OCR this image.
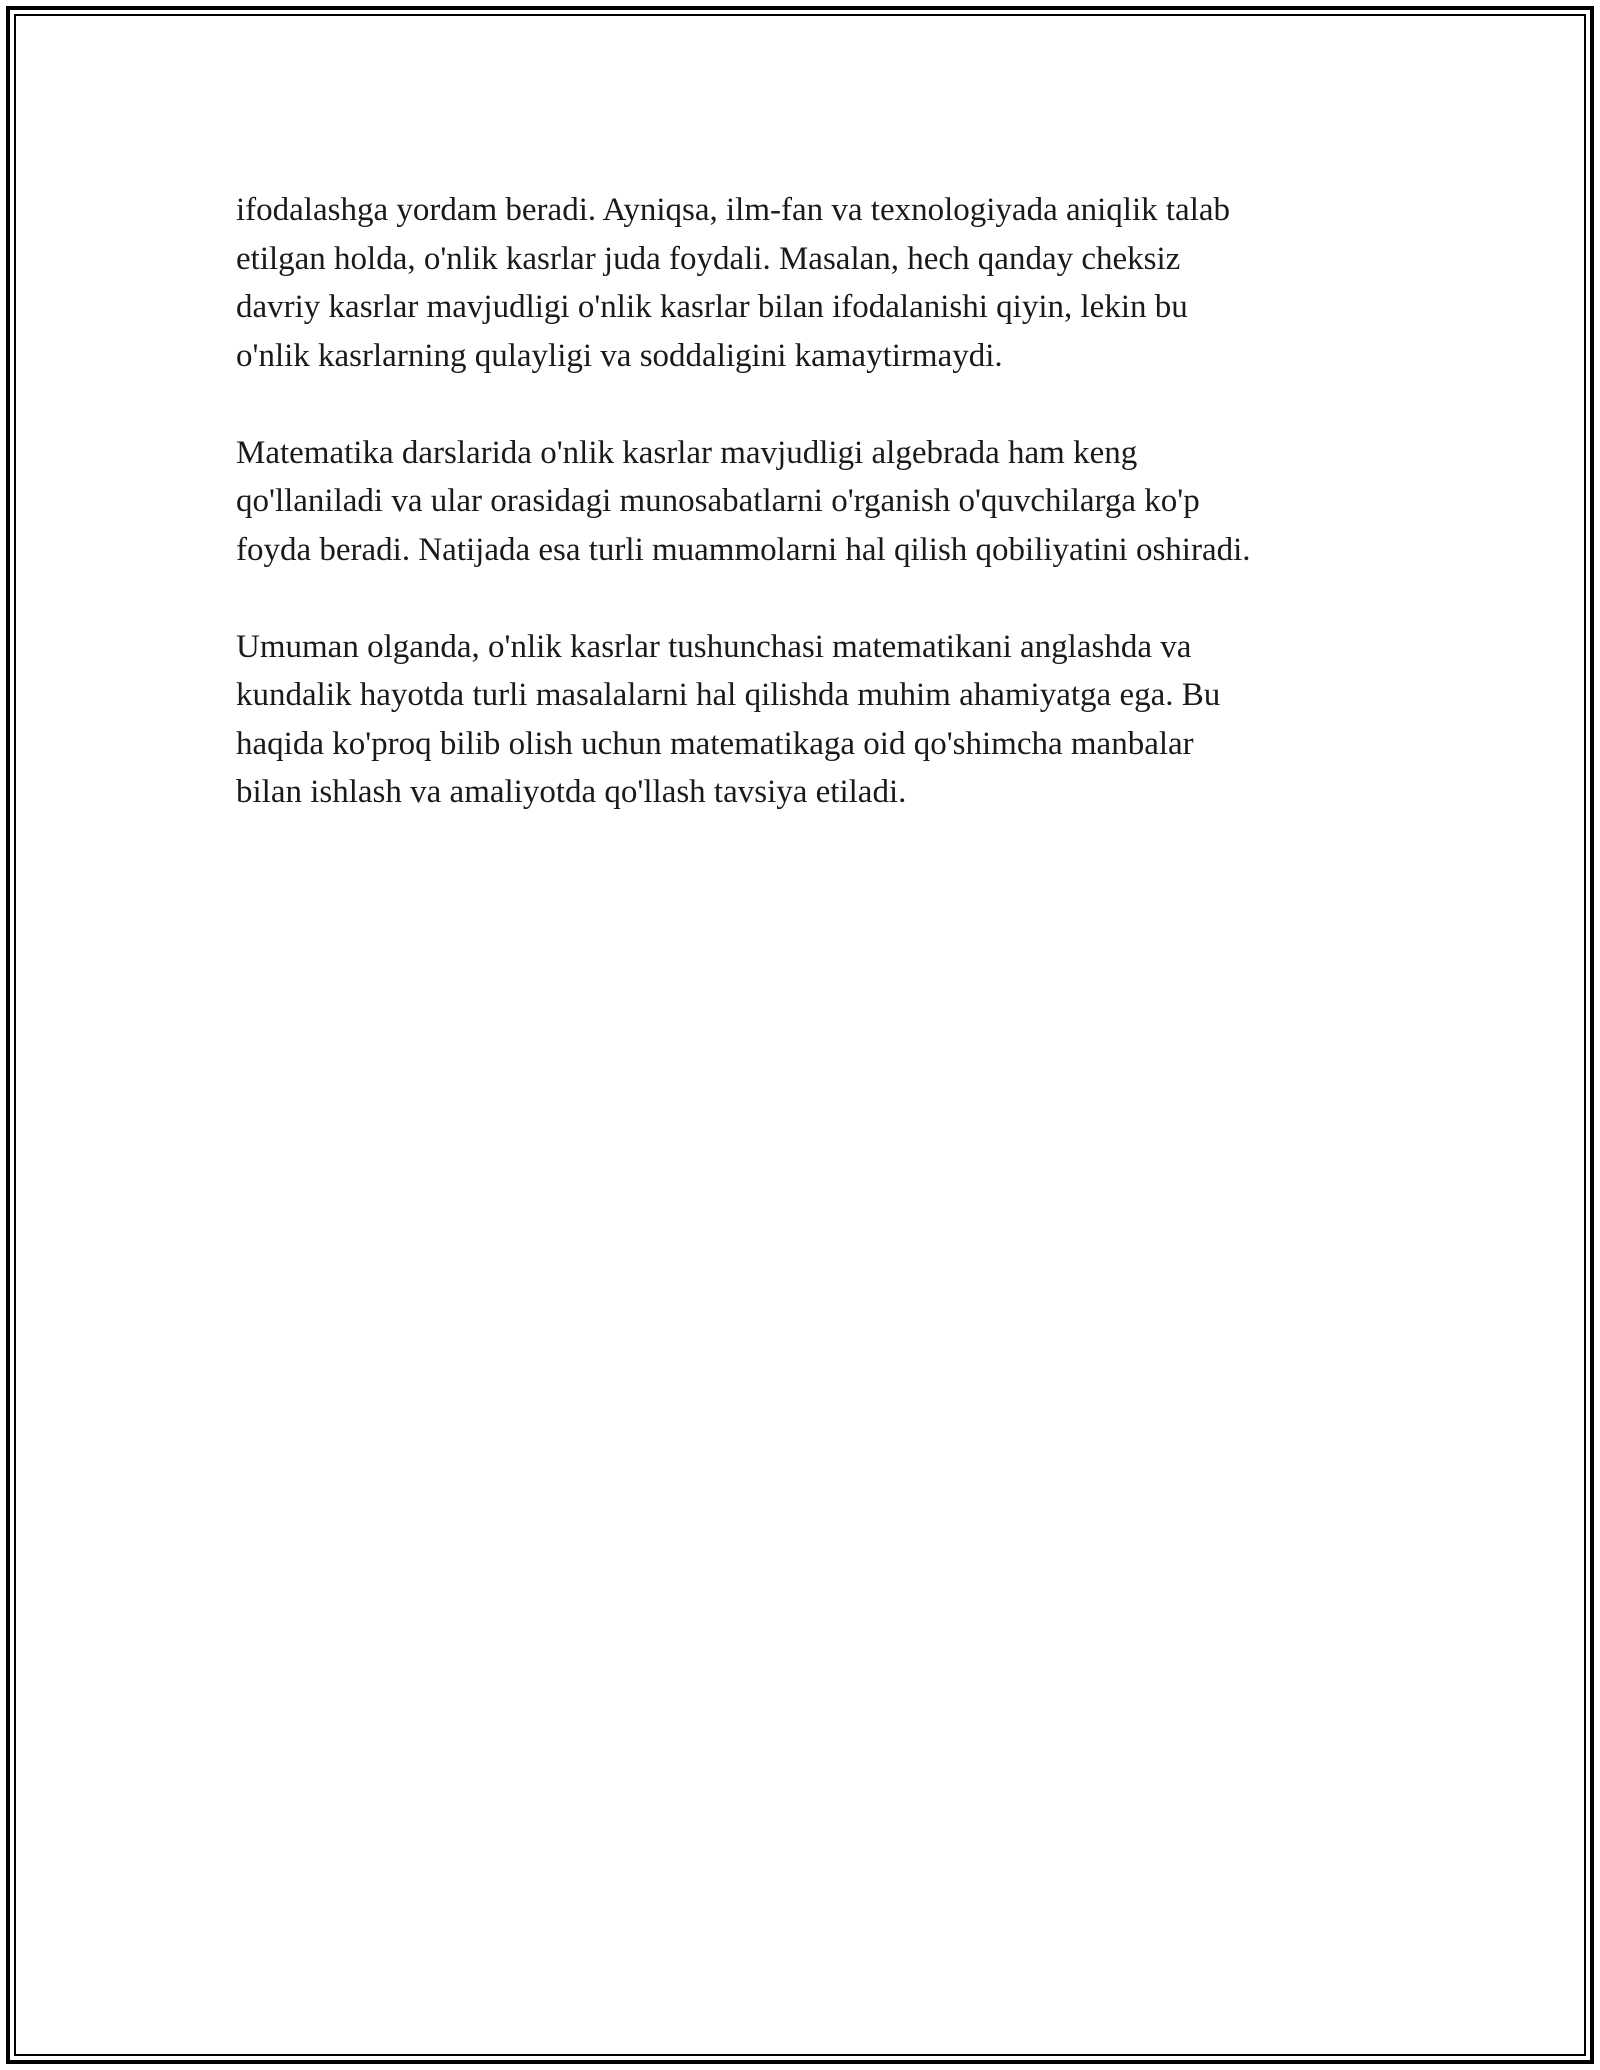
ifodalashga yordam beradi. Ayniqsa, ilm-fan va texnologiyada aniqlik talab
etilgan holda, o'nlik kasrlar juda foydali. Masalan, hech qanday cheksiz
davriy kasrlar mavjudligi o'nlik kasrlar bilan ifodalanishi qiyin, lekin bu
o'nlik kasrlarning qulayligi va soddaligini kamaytirmaydi.

Matematika darslarida o'nlik kasrlar mavjudligi algebrada ham keng
qo'llaniladi va ular orasidagi munosabatlarni o'rganish o'quvchilarga ko'p
foyda beradi. Natijada esa turli muammolarni hal qilish qobiliyatini oshiradi.

Umuman olganda, o'nlik kasrlar tushunchasi matematikani anglashda va
kundalik hayotda turli masalalarni hal qilishda muhim ahamiyatga ega. Bu
haqida ko'proq bilib olish uchun matematikaga oid qo'shimcha manbalar
bilan ishlash va amaliyotda qo'llash tavsiya etiladi.
